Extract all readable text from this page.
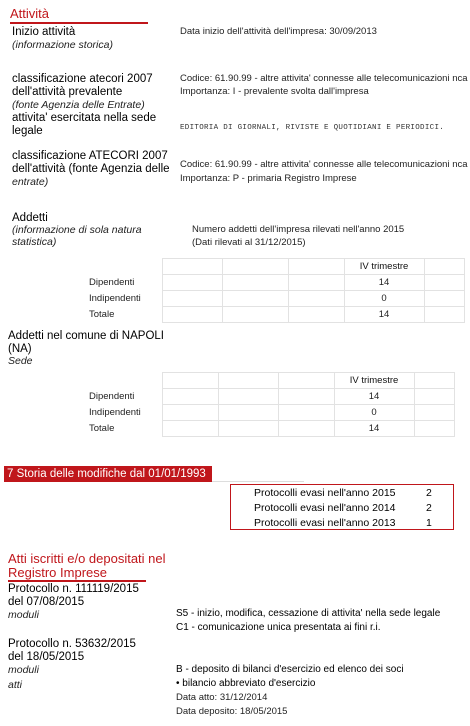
Attività
Inizio attività
(informazione storica)
Data inizio dell'attività dell'impresa: 30/09/2013
classificazione atecori 2007
dell'attività prevalente
(fonte Agenzia delle Entrate)
Codice: 61.90.99 - altre attivita' connesse alle telecomunicazioni nca
Importanza: I - prevalente svolta dall'impresa
attivita' esercitata nella sede
legale	EDITORIA DI GIORNALI, RIVISTE E QUOTIDIANI E PERIODICI.
classificazione ATECORI 2007
dell'attività (fonte Agenzia delle
entrate)
Codice: 61.90.99 - altre attivita' connesse alle telecomunicazioni nca
Importanza: P - primaria Registro Imprese
Addetti
(informazione di sola natura
statistica)
Numero addetti dell'impresa rilevati nell'anno 2015
(Dati rilevati al 31/12/2015)
				IV trimestre	
Dipendenti				14	
Indipendenti				0	
Totale				14	
Addetti nel comune di NAPOLI
(NA)
Sede
				IV trimestre	
Dipendenti				14	
Indipendenti				0	
Totale				14	
7 Storia delle modifiche dal 01/01/1993
Protocolli evasi nell'anno 2015	2
Protocolli evasi nell'anno 2014	2
Protocolli evasi nell'anno 2013	1
Atti iscritti e/o depositati nel
Registro Imprese
Protocollo n. 111119/2015
del 07/08/2015
moduli	S5 - inizio, modifica, cessazione di attivita' nella sede legale
C1 - comunicazione unica presentata ai fini r.i.
Protocollo n. 53632/2015
del 18/05/2015
moduli
atti
B - deposito di bilanci d'esercizio ed elenco dei soci
• bilancio abbreviato d'esercizio
Data atto: 31/12/2014
Data deposito: 18/05/2015
